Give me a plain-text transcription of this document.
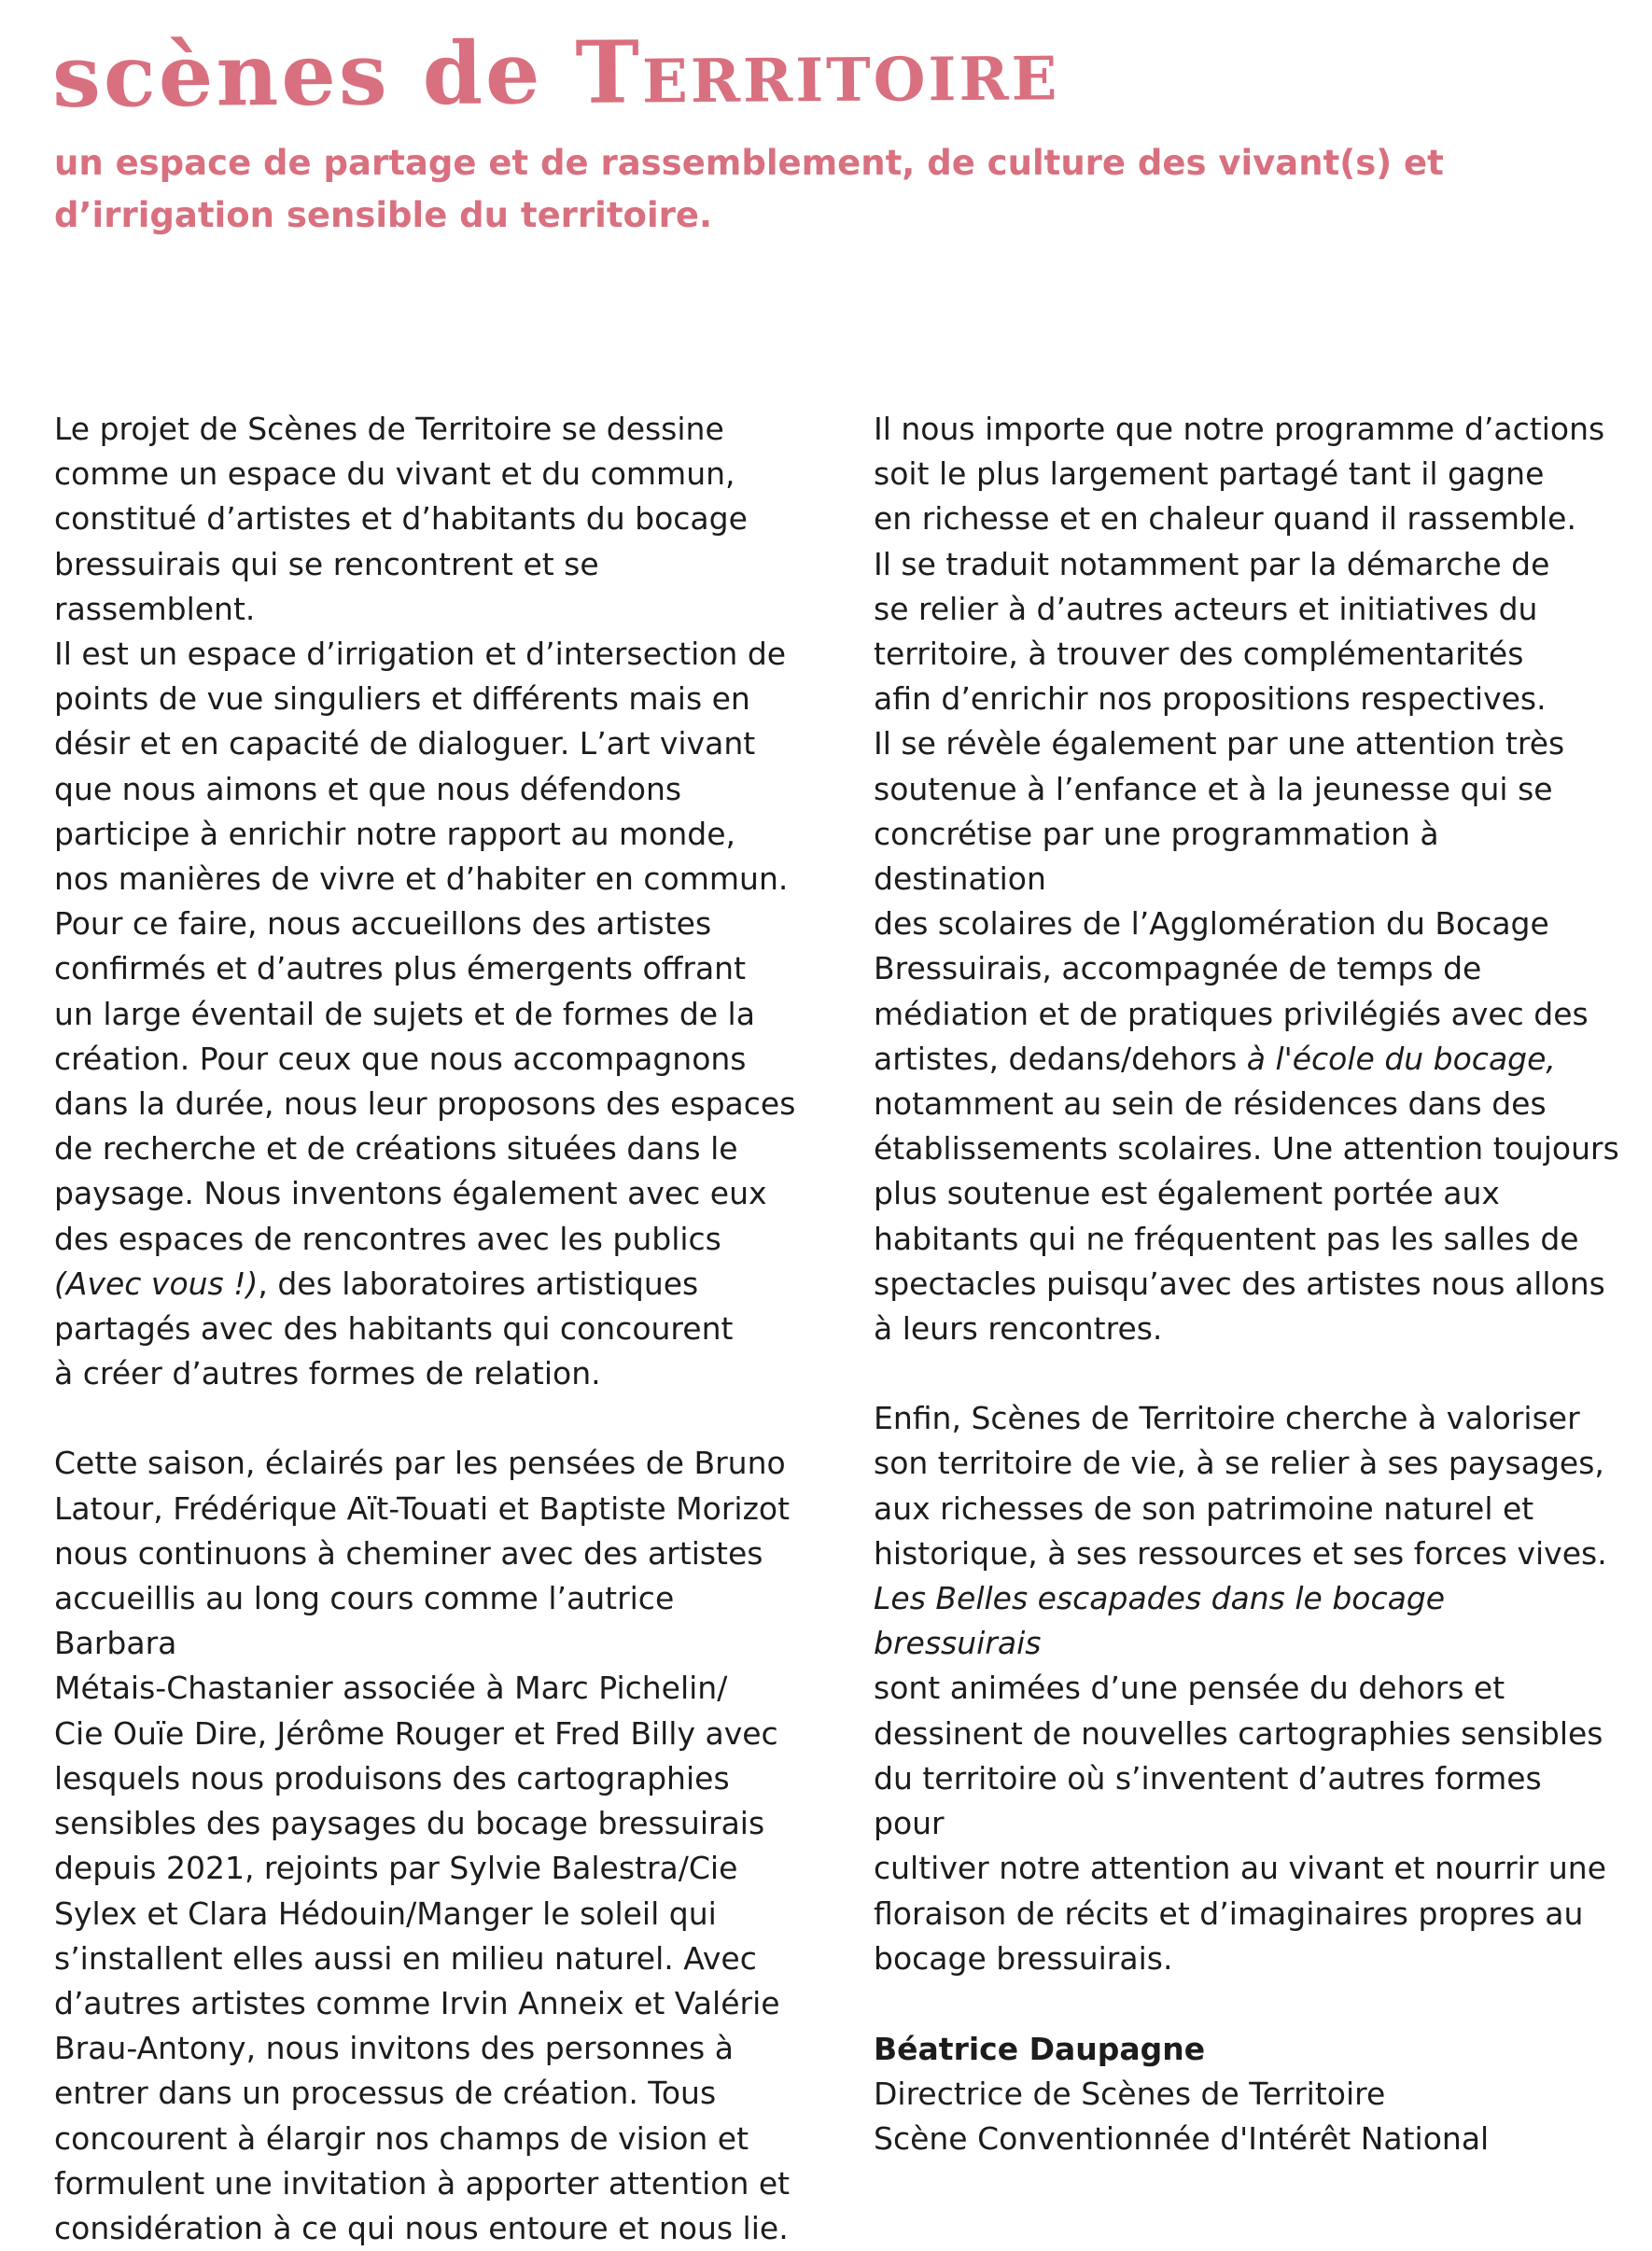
scènes de Territoire

un espace de partage et de rassemblement, de culture des vivant(s) et d’irrigation sensible du territoire.

Le projet de Scènes de Territoire se dessine
comme un espace du vivant et du commun,
constitué d’artistes et d’habitants du bocage
bressuirais qui se rencontrent et se rassemblent.
Il est un espace d’irrigation et d’intersection de
points de vue singuliers et différents mais en
désir et en capacité de dialoguer. L’art vivant
que nous aimons et que nous défendons
participe à enrichir notre rapport au monde,
nos manières de vivre et d’habiter en commun.
Pour ce faire, nous accueillons des artistes
confirmés et d’autres plus émergents offrant
un large éventail de sujets et de formes de la
création. Pour ceux que nous accompagnons
dans la durée, nous leur proposons des espaces
de recherche et de créations situées dans le
paysage. Nous inventons également avec eux
des espaces de rencontres avec les publics
(Avec vous !), des laboratoires artistiques
partagés avec des habitants qui concourent
à créer d’autres formes de relation.

Cette saison, éclairés par les pensées de Bruno
Latour, Frédérique Aït-Touati et Baptiste Morizot
nous continuons à cheminer avec des artistes
accueillis au long cours comme l’autrice Barbara
Métais-Chastanier associée à Marc Pichelin/
Cie Ouïe Dire, Jérôme Rouger et Fred Billy avec
lesquels nous produisons des cartographies
sensibles des paysages du bocage bressuirais
depuis 2021, rejoints par Sylvie Balestra/Cie
Sylex et Clara Hédouin/Manger le soleil qui
s’installent elles aussi en milieu naturel. Avec
d’autres artistes comme Irvin Anneix et Valérie
Brau-Antony, nous invitons des personnes à
entrer dans un processus de création. Tous
concourent à élargir nos champs de vision et
formulent une invitation à apporter attention et
considération à ce qui nous entoure et nous lie.

Il nous importe que notre programme d’actions
soit le plus largement partagé tant il gagne
en richesse et en chaleur quand il rassemble.
Il se traduit notamment par la démarche de
se relier à d’autres acteurs et initiatives du
territoire, à trouver des complémentarités
afin d’enrichir nos propositions respectives.
Il se révèle également par une attention très
soutenue à l’enfance et à la jeunesse qui se
concrétise par une programmation à destination
des scolaires de l’Agglomération du Bocage
Bressuirais, accompagnée de temps de
médiation et de pratiques privilégiés avec des
artistes, dedans/dehors à l'école du bocage,
notamment au sein de résidences dans des
établissements scolaires. Une attention toujours
plus soutenue est également portée aux
habitants qui ne fréquentent pas les salles de
spectacles puisqu’avec des artistes nous allons
à leurs rencontres.

Enfin, Scènes de Territoire cherche à valoriser
son territoire de vie, à se relier à ses paysages,
aux richesses de son patrimoine naturel et
historique, à ses ressources et ses forces vives.
Les Belles escapades dans le bocage bressuirais
sont animées d’une pensée du dehors et
dessinent de nouvelles cartographies sensibles
du territoire où s’inventent d’autres formes pour
cultiver notre attention au vivant et nourrir une
floraison de récits et d’imaginaires propres au
bocage bressuirais.

Béatrice Daupagne

Directrice de Scènes de Territoire

Scène Conventionnée d'Intérêt National
